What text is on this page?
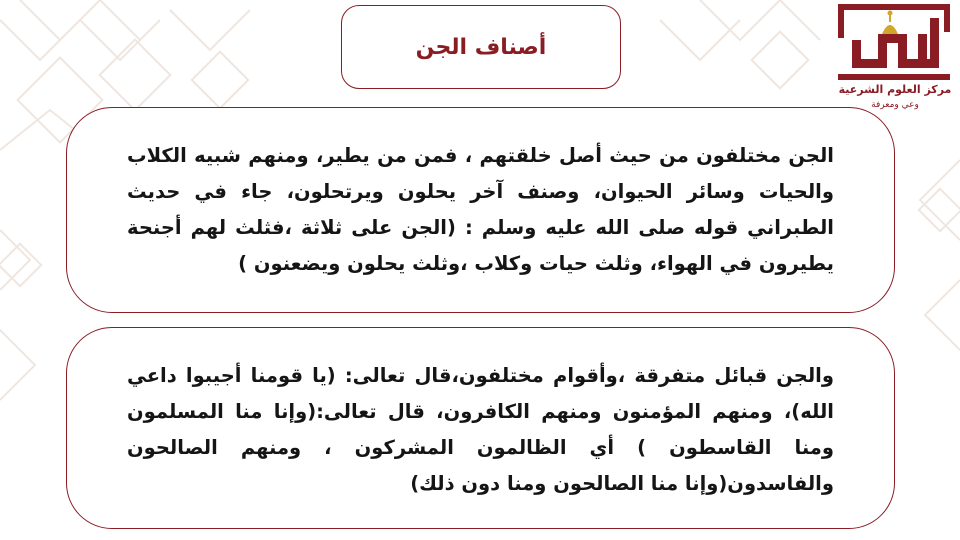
أصناف الجن
مركز العلوم الشرعية
وعي ومعرفة

الجن مختلفون من حيث أصل خلقتهم ، فمن من يطير، ومنهم شبيه الكلاب والحيات وسائر الحيوان، وصنف آخر يحلون ويرتحلون، جاء في حديث الطبراني قوله صلى الله عليه وسلم : (الجن على ثلاثة ،فثلث لهم أجنحة يطيرون في الهواء، وثلث حيات وكلاب ،وثلث يحلون ويضعنون )

والجن قبائل متفرقة ،وأقوام مختلفون،قال تعالى: (يا قومنا أجيبوا داعي الله)، ومنهم المؤمنون ومنهم الكافرون، قال تعالى:(وإنا منا المسلمون ومنا القاسطون ) أي الظالمون المشركون ، ومنهم الصالحون والفاسدون(وإنا منا الصالحون ومنا دون ذلك)
